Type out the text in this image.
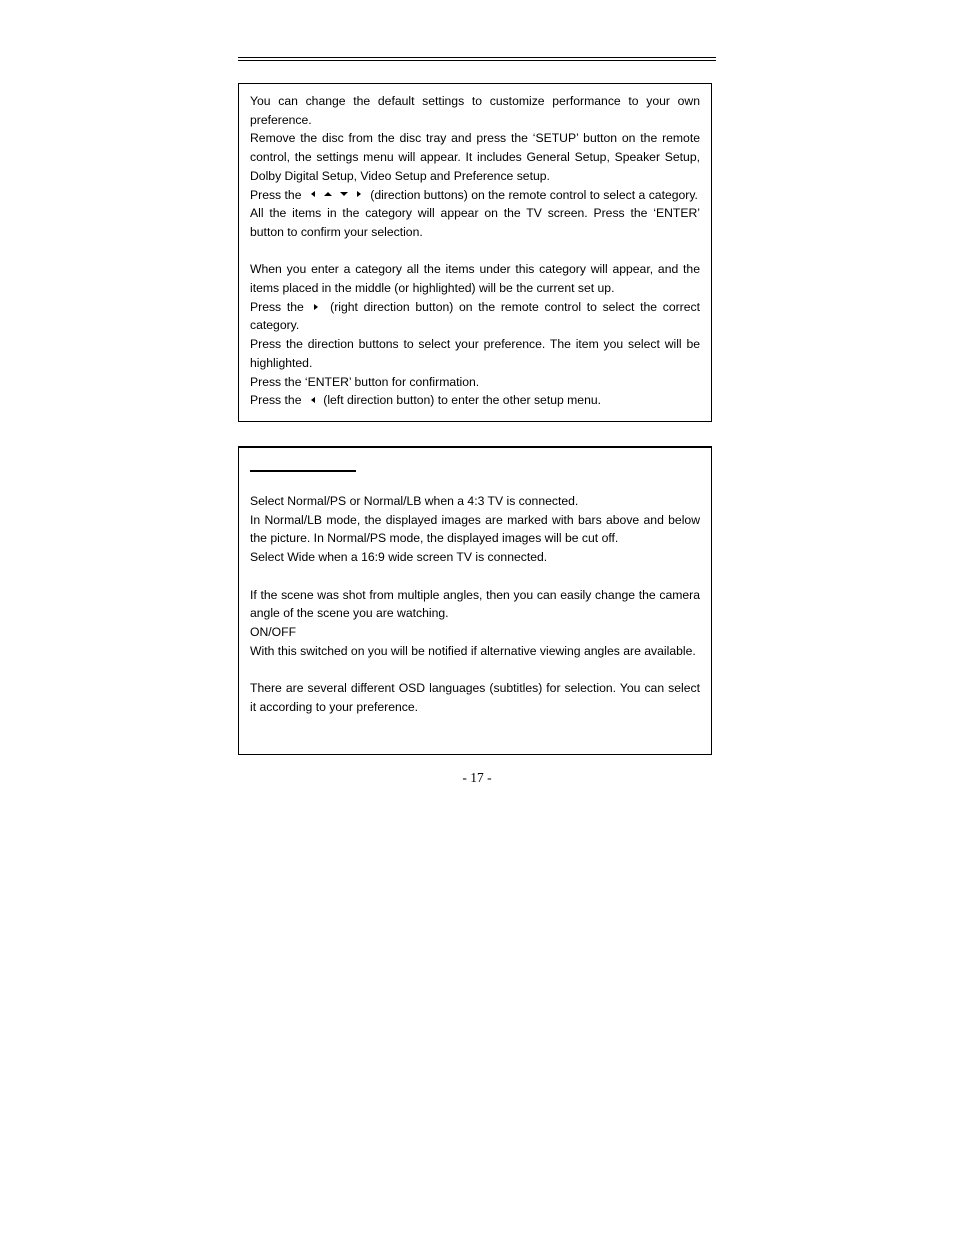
You can change the default settings to customize performance to your own preference.

Remove the disc from the disc tray and press the ‘SETUP’ button on the remote control, the settings menu will appear. It includes General Setup, Speaker Setup, Dolby Digital Setup, Video Setup and Preference setup.

Press the	(direction buttons) on the remote control to select a category.

All the items in the category will appear on the TV screen. Press the ‘ENTER’ button to confirm your selection.

When you enter a category all the items under this category will appear, and the items placed in the middle (or highlighted) will be the current set up.

Press the (right direction button) on the remote control to select the correct category.

Press the direction buttons to select your preference. The item you select will be highlighted.

Press the ‘ENTER’ button for confirmation.

Press the (left direction button) to enter the other setup menu.

Select Normal/PS or Normal/LB when a 4:3 TV is connected.

In Normal/LB mode, the displayed images are marked with bars above and below the picture. In Normal/PS mode, the displayed images will be cut off.

Select Wide when a 16:9 wide screen TV is connected.

If the scene was shot from multiple angles, then you can easily change the camera angle of the scene you are watching.

ON/OFF

With this switched on you will be notified if alternative viewing angles are available.

There are several different OSD languages (subtitles) for selection. You can select it according to your preference.

- 17 -
